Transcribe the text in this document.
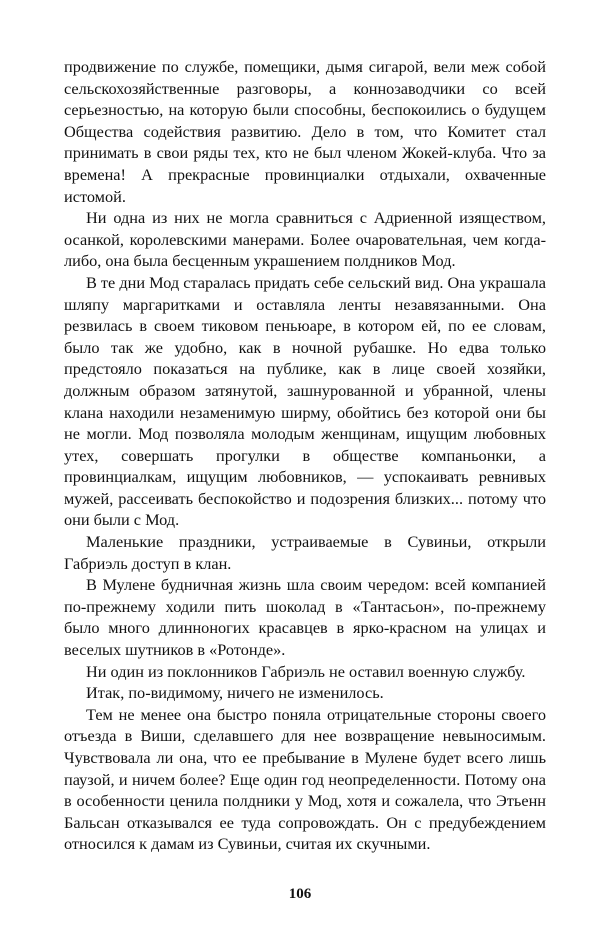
продвижение по службе, помещики, дымя сигарой, вели меж собой сельскохозяйственные разговоры, а коннозаводчики со всей серьезностью, на которую были способны, беспокоились о будущем Общества содействия развитию. Дело в том, что Комитет стал принимать в свои ряды тех, кто не был членом Жокей-клуба. Что за времена! А прекрасные провинциалки отдыхали, охваченные истомой.

Ни одна из них не могла сравниться с Адриенной изяществом, осанкой, королевскими манерами. Более очаровательная, чем когда-либо, она была бесценным украшением полдников Мод.

В те дни Мод старалась придать себе сельский вид. Она украшала шляпу маргаритками и оставляла ленты незавязанными. Она резвилась в своем тиковом пеньюаре, в котором ей, по ее словам, было так же удобно, как в ночной рубашке. Но едва только предстояло показаться на публике, как в лице своей хозяйки, должным образом затянутой, зашнурованной и убранной, члены клана находили незаменимую ширму, обойтись без которой они бы не могли. Мод позволяла молодым женщинам, ищущим любовных утех, совершать прогулки в обществе компаньонки, а провинциалкам, ищущим любовников, — успокаивать ревнивых мужей, рассеивать беспокойство и подозрения близких... потому что они были с Мод.

Маленькие праздники, устраиваемые в Сувиньи, открыли Габриэль доступ в клан.

В Мулене будничная жизнь шла своим чередом: всей компанией по-прежнему ходили пить шоколад в «Тантасьон», по-прежнему было много длинноногих красавцев в ярко-красном на улицах и веселых шутников в «Ротонде».

Ни один из поклонников Габриэль не оставил военную службу.

Итак, по-видимому, ничего не изменилось.

Тем не менее она быстро поняла отрицательные стороны своего отъезда в Виши, сделавшего для нее возвращение невыносимым. Чувствовала ли она, что ее пребывание в Мулене будет всего лишь паузой, и ничем более? Еще один год неопределенности. Потому она в особенности ценила полдники у Мод, хотя и сожалела, что Этьенн Бальсан отказывался ее туда сопровождать. Он с предубеждением относился к дамам из Сувиньи, считая их скучными.

106
